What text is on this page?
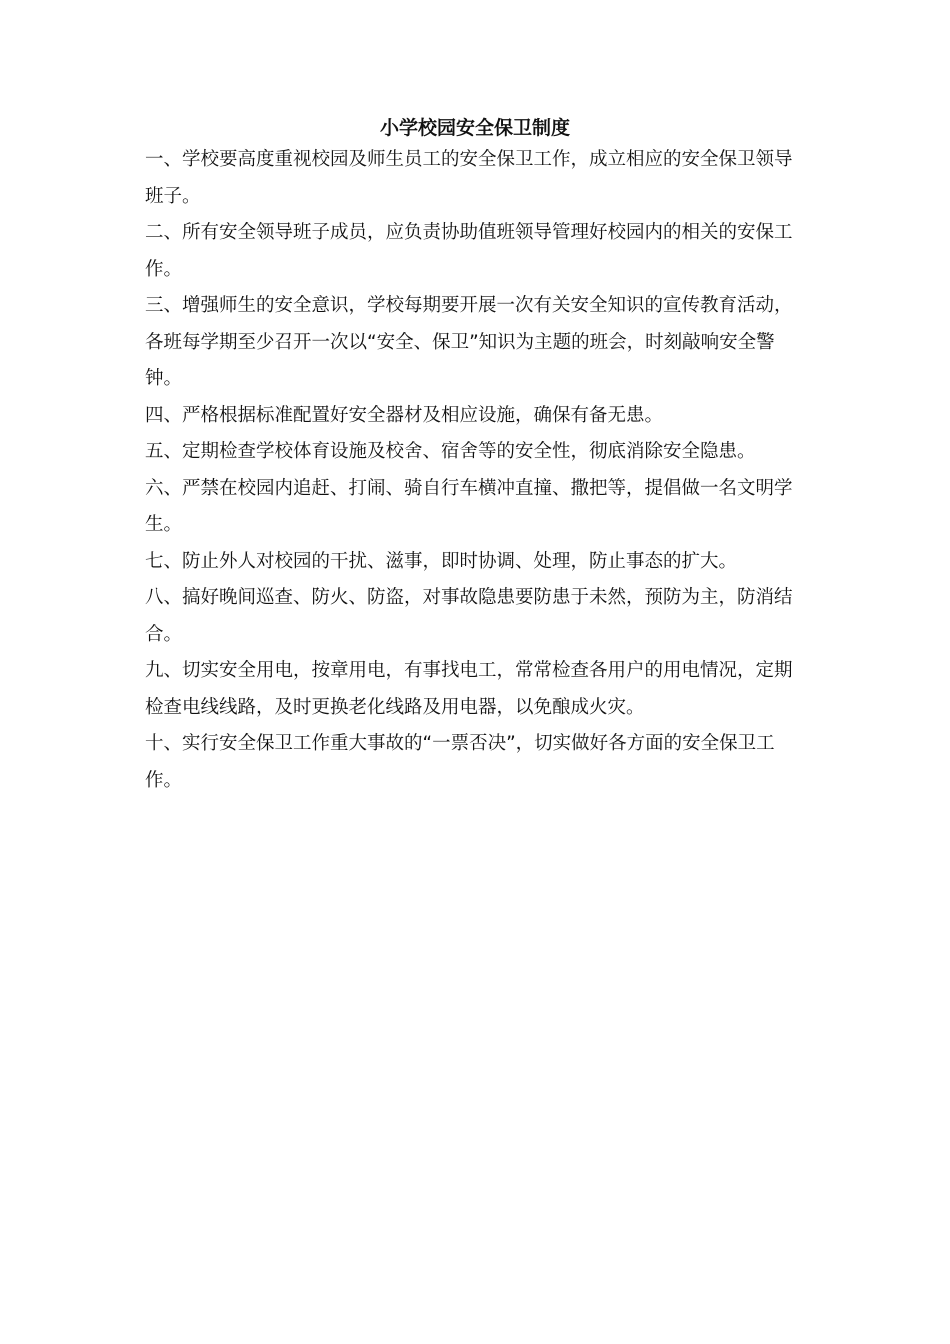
小学校园安全保卫制度

一、学校要高度重视校园及师生员工的安全保卫工作，成立相应的安全保卫领导班子。

二、所有安全领导班子成员，应负责协助值班领导管理好校园内的相关的安保工作。

三、增强师生的安全意识，学校每期要开展一次有关安全知识的宣传教育活动，各班每学期至少召开一次以“安全、保卫”知识为主题的班会，时刻敲响安全警钟。

四、严格根据标准配置好安全器材及相应设施，确保有备无患。

五、定期检查学校体育设施及校舍、宿舍等的安全性，彻底消除安全隐患。

六、严禁在校园内追赶、打闹、骑自行车横冲直撞、撒把等，提倡做一名文明学生。

七、防止外人对校园的干扰、滋事，即时协调、处理，防止事态的扩大。

八、搞好晚间巡查、防火、防盗，对事故隐患要防患于未然，预防为主，防消结合。

九、切实安全用电，按章用电，有事找电工，常常检查各用户的用电情况，定期检查电线线路，及时更换老化线路及用电器，以免酿成火灾。

十、实行安全保卫工作重大事故的“一票否决”，切实做好各方面的安全保卫工作。
